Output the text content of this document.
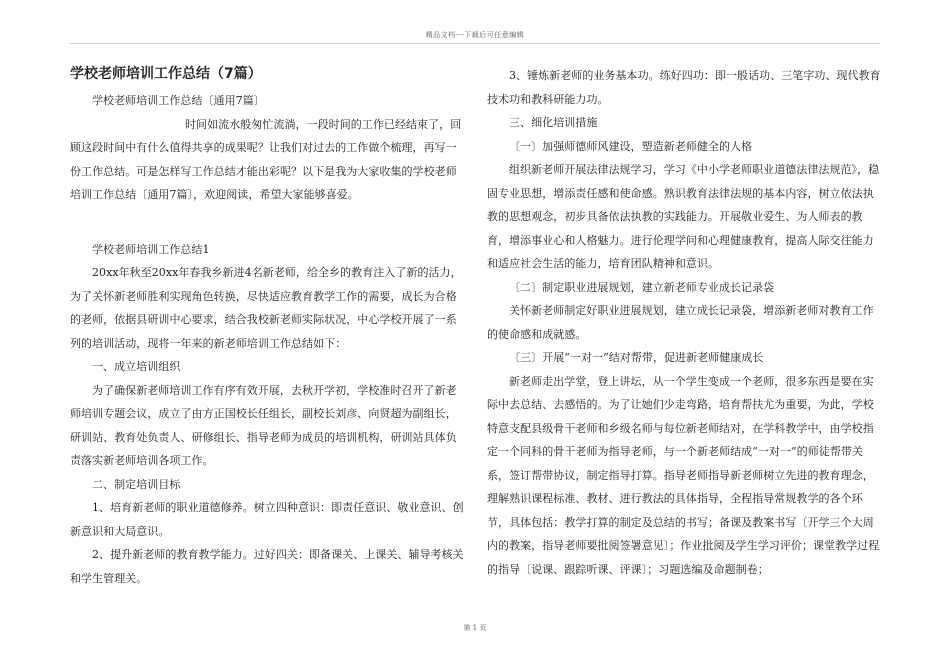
精品文档---下载后可任意编辑
学校老师培训工作总结（7篇）

学校老师培训工作总结〔通用7篇〕

时间如流水般匆忙流淌，一段时间的工作已经结束了，回顾这段时间中有什么值得共享的成果呢？让我们对过去的工作做个梳理，再写一份工作总结。可是怎样写工作总结才能出彩呢？以下是我为大家收集的学校老师培训工作总结〔通用7篇〕，欢迎阅读，希望大家能够喜爱。

学校老师培训工作总结1

20xx年秋至20xx年春我乡新进4名新老师，给全乡的教育注入了新的活力，为了关怀新老师胜利实现角色转换，尽快适应教育教学工作的需要，成长为合格的老师，依据县研训中心要求，结合我校新老师实际状况，中心学校开展了一系列的培训活动，现将一年来的新老师培训工作总结如下：

一、成立培训组织

为了确保新老师培训工作有序有效开展，去秋开学初，学校准时召开了新老师培训专题会议，成立了由方正国校长任组长，副校长刘彦、向贤超为副组长，研训站、教育处负责人、研修组长、指导老师为成员的培训机构，研训站具体负责落实新老师培训各项工作。

二、制定培训目标

1、培育新老师的职业道德修养。树立四种意识：即责任意识、敬业意识、创新意识和大局意识。

2、提升新老师的教育教学能力。过好四关：即备课关、上课关、辅导考核关和学生管理关。

3、锤炼新老师的业务基本功。练好四功：即一般话功、三笔字功、现代教育技术功和教科研能力功。

三、细化培训措施

〔一〕加强师德师风建设，塑造新老师健全的人格

组织新老师开展法律法规学习，学习《中小学老师职业道德法律法规范》，稳固专业思想，增添责任感和使命感。熟识教育法律法规的基本内容，树立依法执教的思想观念，初步具备依法执教的实践能力。开展敬业爱生、为人师表的教育，增添事业心和人格魅力。进行伦理学问和心理健康教育，提高人际交往能力和适应社会生活的能力，培育团队精神和意识。

〔二〕制定职业进展规划，建立新老师专业成长记录袋

关怀新老师制定好职业进展规划，建立成长记录袋，增添新老师对教育工作的使命感和成就感。

〔三〕开展“一对一”结对帮带，促进新老师健康成长

新老师走出学堂，登上讲坛，从一个学生变成一个老师，很多东西是要在实际中去总结、去感悟的。为了让她们少走弯路，培育帮扶尤为重要，为此，学校特意支配县级骨干老师和乡级名师与每位新老师结对，在学科教学中，由学校指定一个同科的骨干老师为指导老师，与一个新老师结成“一对一”的师徒帮带关系，签订帮带协议，制定指导打算。指导老师指导新老师树立先进的教育理念，理解熟识课程标准、教材、进行教法的具体指导，全程指导常规教学的各个环节，具体包括：教学打算的制定及总结的书写；备课及教案书写〔开学三个大周内的教案，指导老师要批阅签署意见〕；作业批阅及学生学习评价；课堂教学过程的指导〔说课、跟踪听课、评课〕；习题选编及命题制卷；

第 1 页
